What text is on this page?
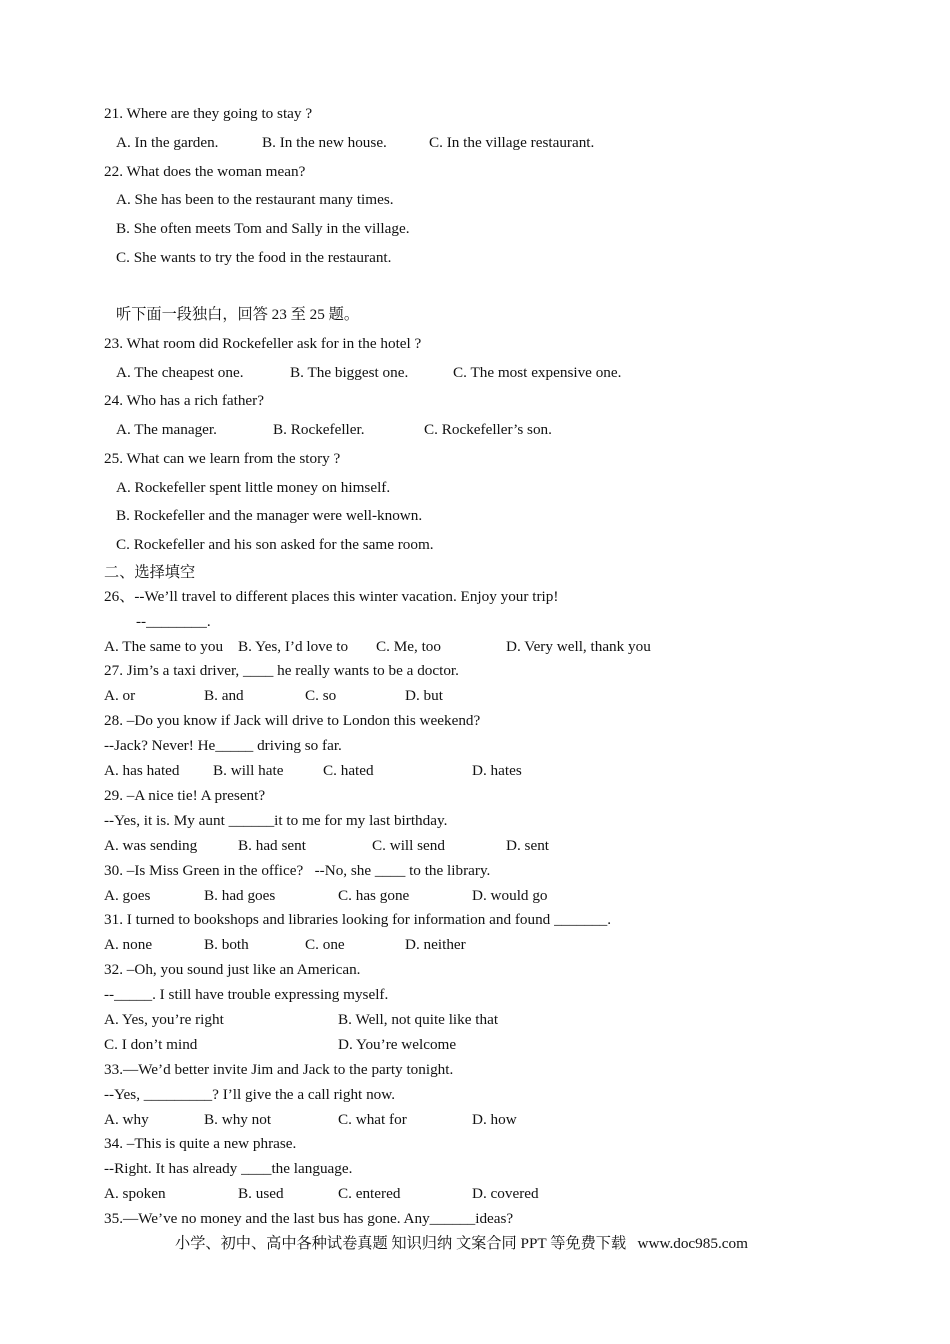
21. Where are they going to stay ?
A. In the garden.	B. In the new house.	C. In the village restaurant.
22. What does the woman mean?
A. She has been to the restaurant many times.
B. She often meets Tom and Sally in the village.
C. She wants to try the food in the restaurant.
听下面一段独白，回答 23 至 25 题。
23. What room did Rockefeller ask for in the hotel ?
A. The cheapest one.	B. The biggest one.	C. The most expensive one.
24. Who has a rich father?
A. The manager.	B. Rockefeller.	C. Rockefeller’s son.
25. What can we learn from the story ?
A. Rockefeller spent little money on himself.
B. Rockefeller and the manager were well-known.
C. Rockefeller and his son asked for the same room.
二、选择填空
26、--We’ll travel to different places this winter vacation. Enjoy your trip!
--________.
A. The same to you B. Yes, I’d love to C. Me, too	D. Very well, thank you
27. Jim’s a taxi driver, ____ he really wants to be a doctor.
A. or	B. and	C. so	D. but
28. –Do you know if Jack will drive to London this weekend?
--Jack? Never! He_____ driving so far.
A. has hated B. will hate	C. hated	D. hates
29. –A nice tie! A present?
--Yes, it is. My aunt ______it to me for my last birthday.
A. was sending	B. had sent	C. will send	D. sent
30. –Is Miss Green in the office?   --No, she ____ to the library.
A. goes	B. had goes	C. has gone	D. would go
31. I turned to bookshops and libraries looking for information and found _______.
A. none	B. both	C. one	D. neither
32. –Oh, you sound just like an American.
--_____. I still have trouble expressing myself.
A. Yes, you’re right	B. Well, not quite like that
C. I don’t mind	D. You’re welcome
33.—We’d better invite Jim and Jack to the party tonight.
--Yes, _________? I’ll give the a call right now.
A. why	B. why not	C. what for	D. how
34. –This is quite a new phrase.
--Right. It has already ____the language.
A. spoken	B. used	C. entered	D. covered
35.—We’ve no money and the last bus has gone. Any______ideas?
小学、初中、高中各种试卷真题 知识归纳 文案合同 PPT 等免费下载   www.doc985.com
